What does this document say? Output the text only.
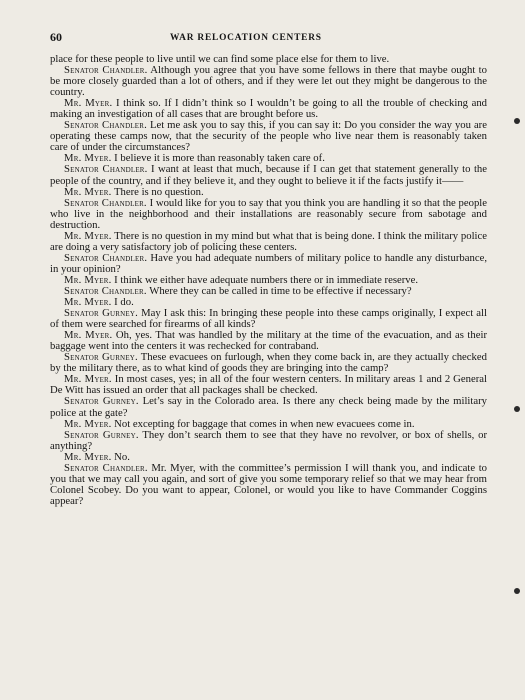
60	WAR RELOCATION CENTERS

place for these people to live until we can find some place else for them to live.

Senator Chandler. Although you agree that you have some fellows in there that maybe ought to be more closely guarded than a lot of others, and if they were let out they might be dangerous to the country.

Mr. Myer. I think so. If I didn’t think so I wouldn’t be going to all the trouble of checking and making an investigation of all cases that are brought before us.

Senator Chandler. Let me ask you to say this, if you can say it: Do you consider the way you are operating these camps now, that the security of the people who live near them is reasonably taken care of under the circumstances?

Mr. Myer. I believe it is more than reasonably taken care of.

Senator Chandler. I want at least that much, because if I can get that statement generally to the people of the country, and if they believe it, and they ought to believe it if the facts justify it——

Mr. Myer. There is no question.

Senator Chandler. I would like for you to say that you think you are handling it so that the people who live in the neighborhood and their installations are reasonably secure from sabotage and destruction.

Mr. Myer. There is no question in my mind but what that is being done. I think the military police are doing a very satisfactory job of policing these centers.

Senator Chandler. Have you had adequate numbers of military police to handle any disturbance, in your opinion?

Mr. Myer. I think we either have adequate numbers there or in immediate reserve.

Senator Chandler. Where they can be called in time to be effective if necessary?

Mr. Myer. I do.

Senator Gurney. May I ask this: In bringing these people into these camps originally, I expect all of them were searched for firearms of all kinds?

Mr. Myer. Oh, yes. That was handled by the military at the time of the evacuation, and as their baggage went into the centers it was rechecked for contraband.

Senator Gurney. These evacuees on furlough, when they come back in, are they actually checked by the military there, as to what kind of goods they are bringing into the camp?

Mr. Myer. In most cases, yes; in all of the four western centers. In military areas 1 and 2 General De Witt has issued an order that all packages shall be checked.

Senator Gurney. Let’s say in the Colorado area. Is there any check being made by the military police at the gate?

Mr. Myer. Not excepting for baggage that comes in when new evacuees come in.

Senator Gurney. They don’t search them to see that they have no revolver, or box of shells, or anything?

Mr. Myer. No.

Senator Chandler. Mr. Myer, with the committee’s permission I will thank you, and indicate to you that we may call you again, and sort of give you some temporary relief so that we may hear from Colonel Scobey. Do you want to appear, Colonel, or would you like to have Commander Coggins appear?
